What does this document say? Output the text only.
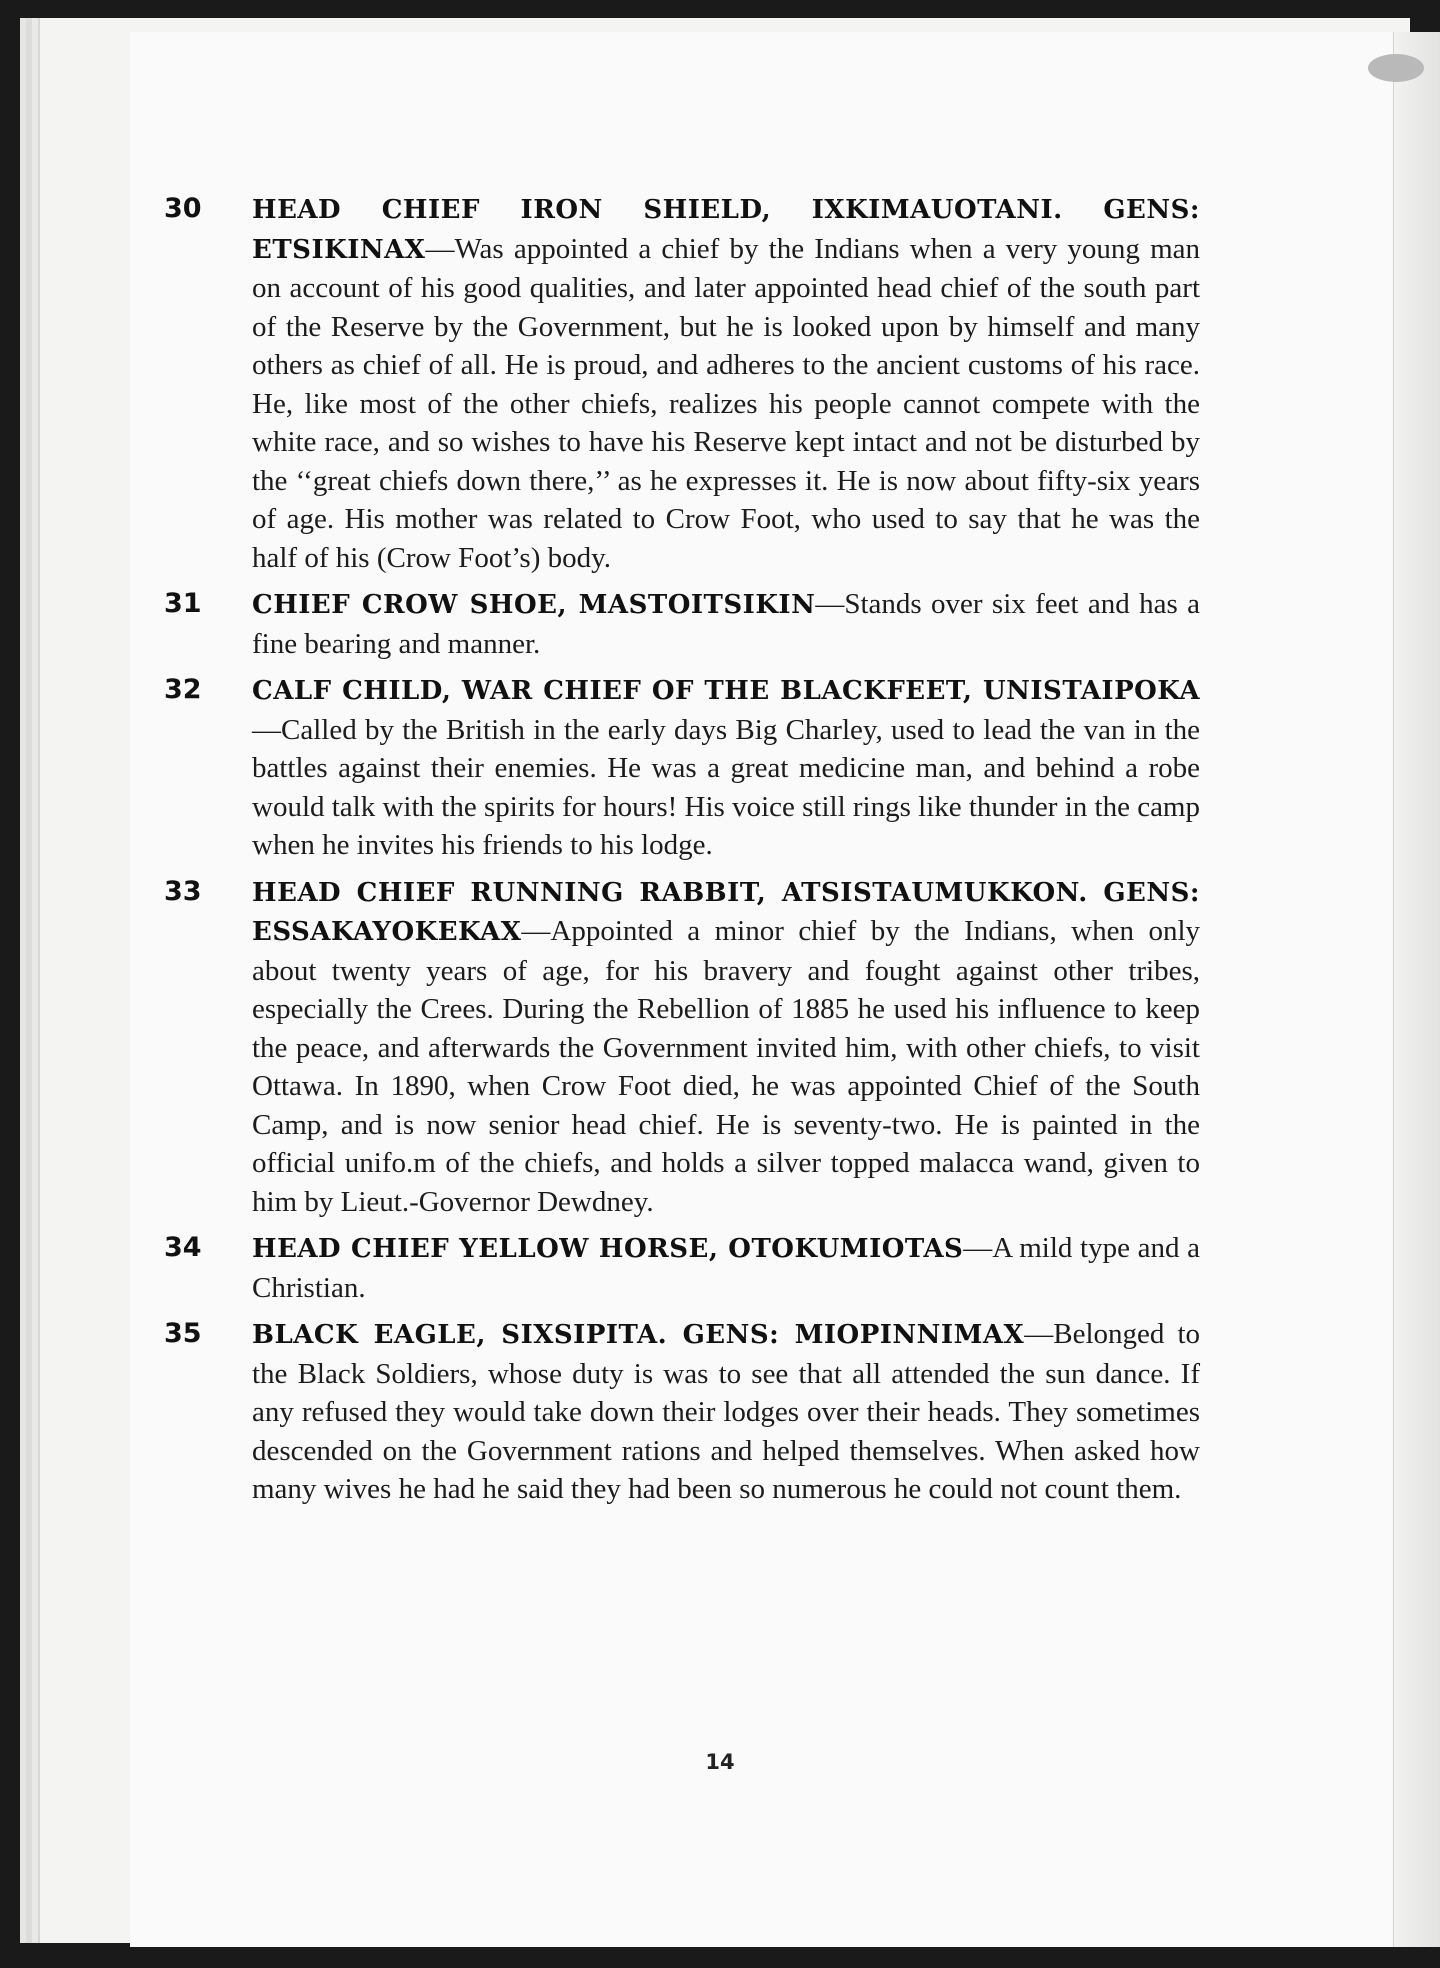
30 HEAD CHIEF IRON SHIELD, IXKIMAUOTANI. GENS: ETSIKINAX—Was appointed a chief by the Indians when a very young man on account of his good qualities, and later appointed head chief of the south part of the Reserve by the Government, but he is looked upon by himself and many others as chief of all. He is proud, and adheres to the ancient customs of his race. He, like most of the other chiefs, realizes his people cannot compete with the white race, and so wishes to have his Reserve kept intact and not be disturbed by the ‘‘great chiefs down there,’’ as he expresses it. He is now about fifty-six years of age. His mother was related to Crow Foot, who used to say that he was the half of his (Crow Foot’s) body.
31 CHIEF CROW SHOE, MASTOITSIKIN—Stands over six feet and has a fine bearing and manner.
32 CALF CHILD, WAR CHIEF OF THE BLACKFEET, UNISTAIPOKA—Called by the British in the early days Big Charley, used to lead the van in the battles against their enemies. He was a great medicine man, and behind a robe would talk with the spirits for hours! His voice still rings like thunder in the camp when he invites his friends to his lodge.
33 HEAD CHIEF RUNNING RABBIT, ATSISTAUMUKKON. GENS: ESSAKAYOKEKAX—Appointed a minor chief by the Indians, when only about twenty years of age, for his bravery and fought against other tribes, especially the Crees. During the Rebellion of 1885 he used his influence to keep the peace, and afterwards the Government invited him, with other chiefs, to visit Ottawa. In 1890, when Crow Foot died, he was appointed Chief of the South Camp, and is now senior head chief. He is seventy-two. He is painted in the official unifo.m of the chiefs, and holds a silver topped malacca wand, given to him by Lieut.-Governor Dewdney.
34 HEAD CHIEF YELLOW HORSE, OTOKUMIOTAS—A mild type and a Christian.
35 BLACK EAGLE, SIXSIPITA. GENS: MIOPINNIMAX—Belonged to the Black Soldiers, whose duty is was to see that all attended the sun dance. If any refused they would take down their lodges over their heads. They sometimes descended on the Government rations and helped themselves. When asked how many wives he had he said they had been so numerous he could not count them.
14
